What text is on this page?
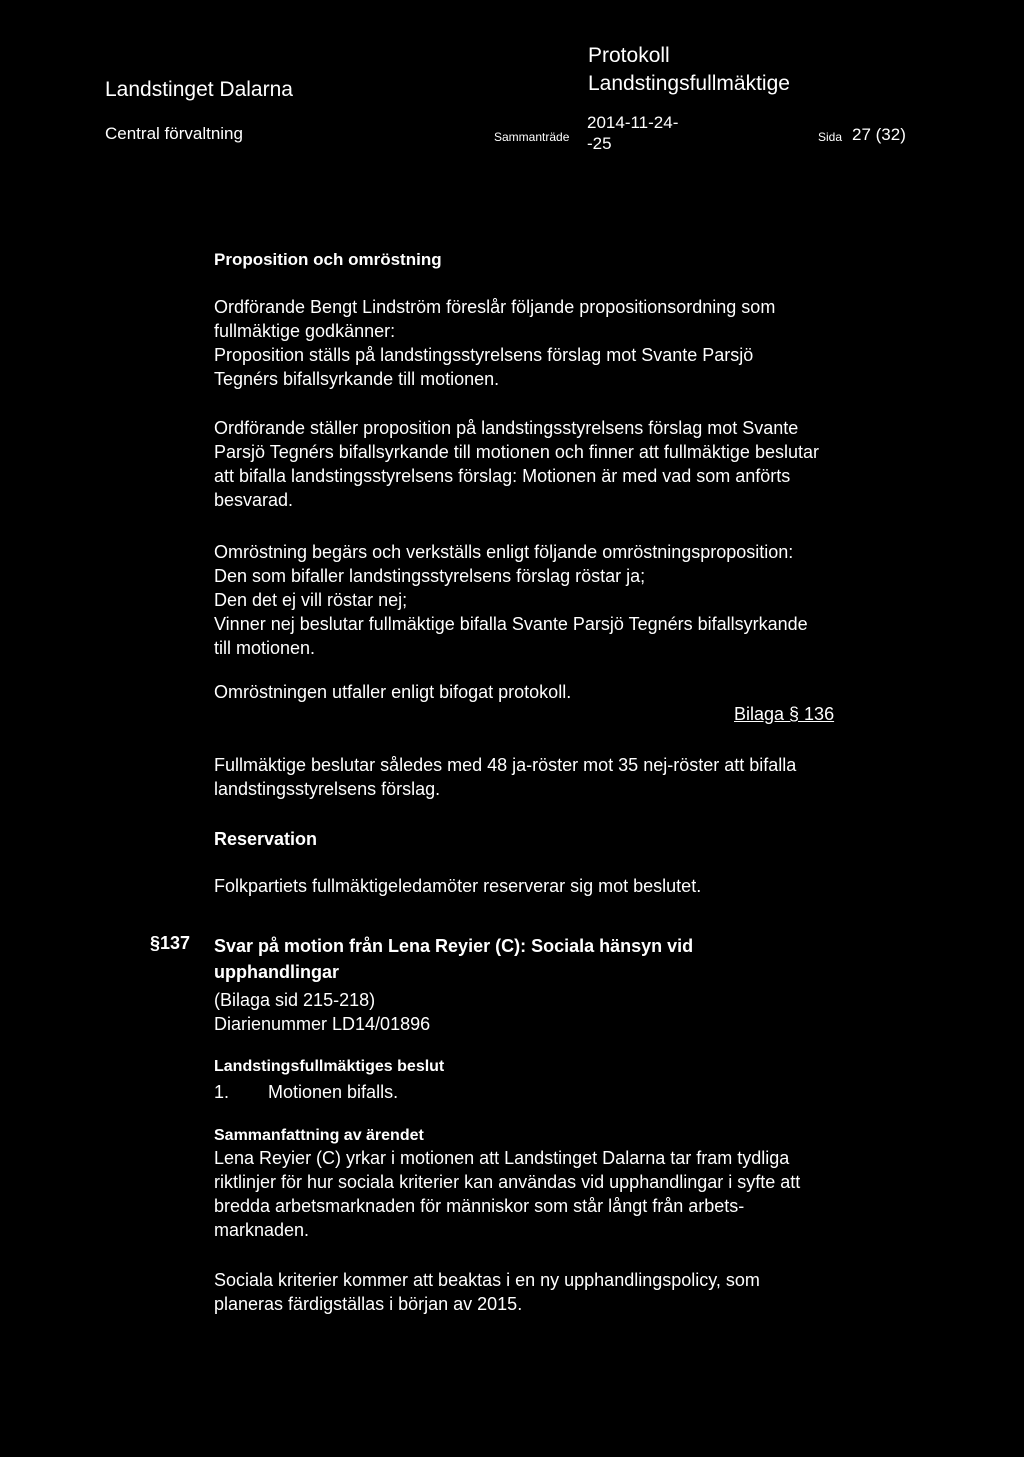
Landstinget Dalarna
Protokoll
Landstingsfullmäktige
Central förvaltning	Sammanträde
2014-11-24-
-25	Sida 27 (32)

Proposition och omröstning

Ordförande Bengt Lindström föreslår följande propositionsordning som

fullmäktige godkänner:

Proposition ställs på landstingsstyrelsens förslag mot Svante Parsjö

Tegnérs bifallsyrkande till motionen.

Ordförande ställer proposition på landstingsstyrelsens förslag mot Svante

Parsjö Tegnérs bifallsyrkande till motionen och finner att fullmäktige beslutar

att bifalla landstingsstyrelsens förslag: Motionen är med vad som anförts

besvarad.

Omröstning begärs och verkställs enligt följande omröstningsproposition:

Den som bifaller landstingsstyrelsens förslag röstar ja;

Den det ej vill röstar nej;

Vinner nej beslutar fullmäktige bifalla Svante Parsjö Tegnérs bifallsyrkande

till motionen.

Omröstningen utfaller enligt bifogat protokoll.

Bilaga § 136

Fullmäktige beslutar således med 48 ja-röster mot 35 nej-röster att bifalla

landstingsstyrelsens förslag.

Reservation

Folkpartiets fullmäktigeledamöter reserverar sig mot beslutet.

§137 Svar på motion från Lena Reyier (C): Sociala hänsyn vid
upphandlingar

(Bilaga sid 215-218)

Diarienummer LD14/01896

Landstingsfullmäktiges beslut

1. Motionen bifalls.

Sammanfattning av ärendet

Lena Reyier (C) yrkar i motionen att Landstinget Dalarna tar fram tydliga

riktlinjer för hur sociala kriterier kan användas vid upphandlingar i syfte att

bredda arbetsmarknaden för människor som står långt från arbets-

marknaden.

Sociala kriterier kommer att beaktas i en ny upphandlingspolicy, som

planeras färdigställas i början av 2015.
